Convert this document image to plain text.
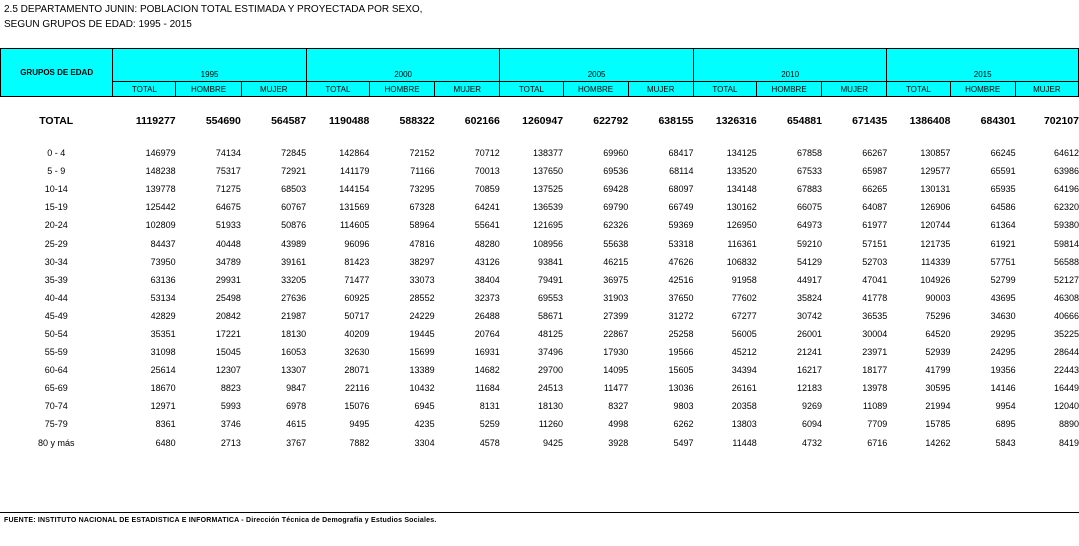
2.5 DEPARTAMENTO JUNIN: POBLACION TOTAL ESTIMADA Y PROYECTADA POR SEXO,
SEGUN GRUPOS DE EDAD: 1995 - 2015
GRUPOS DE EDAD	1995			2000			2005			2010			2015		
	TOTAL	HOMBRE	MUJER	TOTAL	HOMBRE	MUJER	TOTAL	HOMBRE	MUJER	TOTAL	HOMBRE	MUJER	TOTAL	HOMBRE	MUJER
TOTAL	1119277	554690	564587	1190488	588322	602166	1260947	622792	638155	1326316	654881	671435	1386408	684301	702107

0 - 4	146979	74134	72845	142864	72152	70712	138377	69960	68417	134125	67858	66267	130857	66245	64612
5 - 9	148238	75317	72921	141179	71166	70013	137650	69536	68114	133520	67533	65987	129577	65591	63986
10-14	139778	71275	68503	144154	73295	70859	137525	69428	68097	134148	67883	66265	130131	65935	64196
15-19	125442	64675	60767	131569	67328	64241	136539	69790	66749	130162	66075	64087	126906	64586	62320
20-24	102809	51933	50876	114605	58964	55641	121695	62326	59369	126950	64973	61977	120744	61364	59380
25-29	84437	40448	43989	96096	47816	48280	108956	55638	53318	116361	59210	57151	121735	61921	59814
30-34	73950	34789	39161	81423	38297	43126	93841	46215	47626	106832	54129	52703	114339	57751	56588
35-39	63136	29931	33205	71477	33073	38404	79491	36975	42516	91958	44917	47041	104926	52799	52127
40-44	53134	25498	27636	60925	28552	32373	69553	31903	37650	77602	35824	41778	90003	43695	46308
45-49	42829	20842	21987	50717	24229	26488	58671	27399	31272	67277	30742	36535	75296	34630	40666
50-54	35351	17221	18130	40209	19445	20764	48125	22867	25258	56005	26001	30004	64520	29295	35225
55-59	31098	15045	16053	32630	15699	16931	37496	17930	19566	45212	21241	23971	52939	24295	28644
60-64	25614	12307	13307	28071	13389	14682	29700	14095	15605	34394	16217	18177	41799	19356	22443
65-69	18670	8823	9847	22116	10432	11684	24513	11477	13036	26161	12183	13978	30595	14146	16449
70-74	12971	5993	6978	15076	6945	8131	18130	8327	9803	20358	9269	11089	21994	9954	12040
75-79	8361	3746	4615	9495	4235	5259	11260	4998	6262	13803	6094	7709	15785	6895	8890
80 y más	6480	2713	3767	7882	3304	4578	9425	3928	5497	11448	4732	6716	14262	5843	8419
FUENTE: INSTITUTO NACIONAL DE ESTADISTICA E INFORMATICA - Dirección Técnica de Demografía y Estudios Sociales.
